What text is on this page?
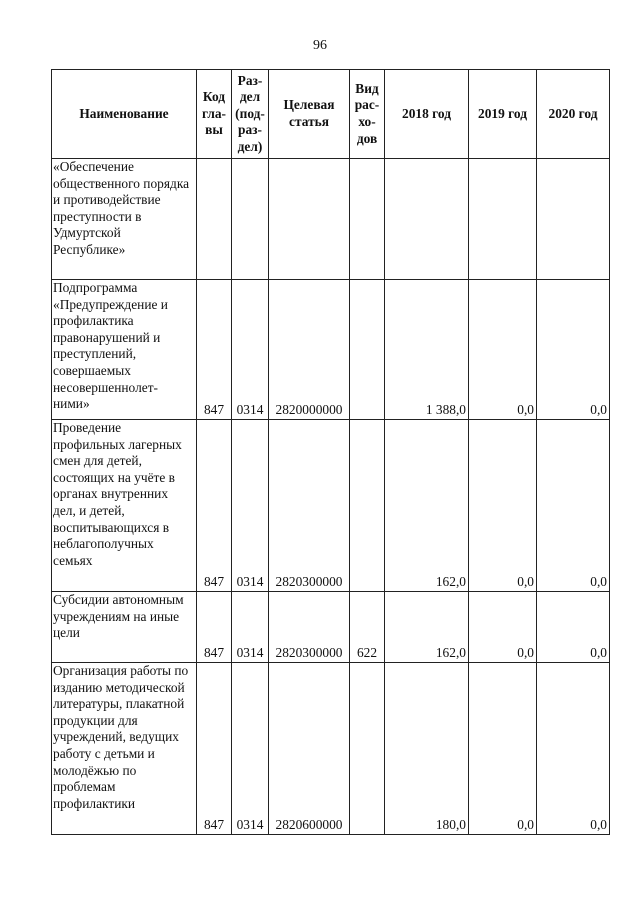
96
Наименование	Код
гла-
вы	Раз-
дел
(под-
раз-
дел)	Целевая
статья	Вид
рас-
хо-
дов	2018 год	2019 год	2020 год

«Обеспечение общественного порядка и противодействие преступности в Удмуртской Республике»							

Подпрограмма «Предупреждение и профилактика правонарушений и преступлений, совершаемых несовершеннолет-ними»	847	0314	2820000000		1 388,0	0,0	0,0

Проведение профильных лагерных смен для детей, состоящих на учёте в органах внутренних дел, и детей, воспитывающихся в неблагополучных семьях	847	0314	2820300000		162,0	0,0	0,0

Субсидии автономным учреждениям на иные цели	847	0314	2820300000	622	162,0	0,0	0,0

Организация работы по изданию методической литературы, плакатной продукции для учреждений, ведущих работу с детьми и молодёжью по проблемам профилактики	847	0314	2820600000		180,0	0,0	0,0
